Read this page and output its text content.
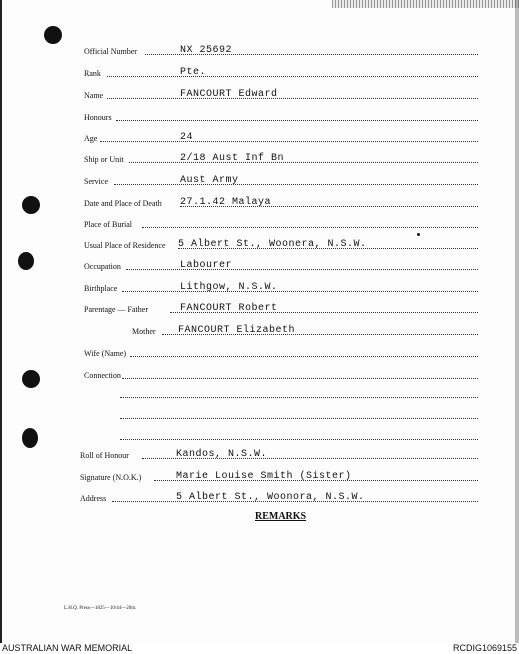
Official Number	NX 25692
Rank	Pte.
Name	FANCOURT Edward
Honours
Age	24
Ship or Unit	2/18 Aust Inf Bn
Service	Aust Army
Date and Place of Death 27.1.42 Malaya
Place of Burial
Usual Place of Residence 5 Albert St., Woonera, N.S.W.
Occupation	Labourer
Birthplace	Lithgow, N.S.W.
Parentage — Father	FANCOURT Robert
Mother FANCOURT Elizabeth
Wife (Name)
Connection
Roll of Honour	Kandos, N.S.W.
Signature (N.O.K.)	Marie Louise Smith (Sister)
Address	5 Albert St., Woonora, N.S.W.
REMARKS
L.H.Q. Press—1825—10/44—20m.
AUSTRALIAN WAR MEMORIAL	RCDIG1069155
